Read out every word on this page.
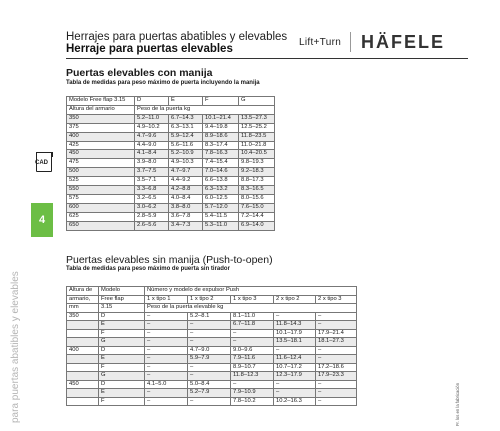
Herrajes para puertas abatibles y elevables
Herraje para puertas elevables
Lift+Turn HÄFELE
para puertas abatibles y elevables
CAD
4
Fr. los en la fabricación
Puertas elevables con manija
Tabla de medidas para peso máximo de puerta incluyendo la manija
Modelo Free flap 3.15	D	E	F	G
Altura del armario	Peso de la puerta kg			
350	5.2–11.0	6.7–14.3	10.1–21.4	13.5–27.3
375	4.9–10.2	6.3–13.1	9.4–19.8	12.5–25.2
400	4.7–9.6	5.9–12.4	8.9–18.6	11.8–23.5
425	4.4–9.0	5.6–11.6	8.3–17.4	11.0–21.8
450	4.1–8.4	5.2–10.9	7.8–16.3	10.4–20.5
475	3.9–8.0	4.9–10.3	7.4–15.4	9.8–19.3
500	3.7–7.5	4.7–9.7	7.0–14.6	9.2–18.3
525	3.5–7.1	4.4–9.2	6.6–13.8	8.8–17.3
550	3.3–6.8	4.2–8.8	6.3–13.2	8.3–16.5
575	3.2–6.5	4.0–8.4	6.0–12.5	8.0–15.6
600	3.0–6.2	3.8–8.0	5.7–12.0	7.6–15.0
625	2.8–5.9	3.6–7.8	5.4–11.5	7.2–14.4
650	2.6–5.6	3.4–7.3	5.3–11.0	6.9–14.0
Puertas elevables sin manija (Push-to-open)
Tabla de medidas para peso máximo de puerta sin tirador
Altura de	Modelo	Número y modelo de expulsor Push				
armario,	Free flap	1 x tipo 1	1 x tipo 2	1 x tipo 3	2 x tipo 2	2 x tipo 3
mm	3.15	Peso de la puerta elevable kg				
350	D	–	5.2–8.1	8.1–11.0	–	–
	E	–	–	6.7–11.8	11.8–14.3	–
	F	–	–	–	10.1–17.9	17.9–21.4
	G	–	–	–	13.5–18.1	18.1–27.3
400	D	–	4.7–9.0	9.0–9.6	–	–
	E	–	5.9–7.9	7.9–11.6	11.6–12.4	–
	F	–	–	8.9–10.7	10.7–17.2	17.2–18.6
	G	–	–	11.8–12.3	12.3–17.9	17.9–23.3
450	D	4.1–5.0	5.0–8.4	–	–	–
	E	–	5.2–7.9	7.9–10.9	–	–
	F	–	–	7.8–10.2	10.2–16.3	–
